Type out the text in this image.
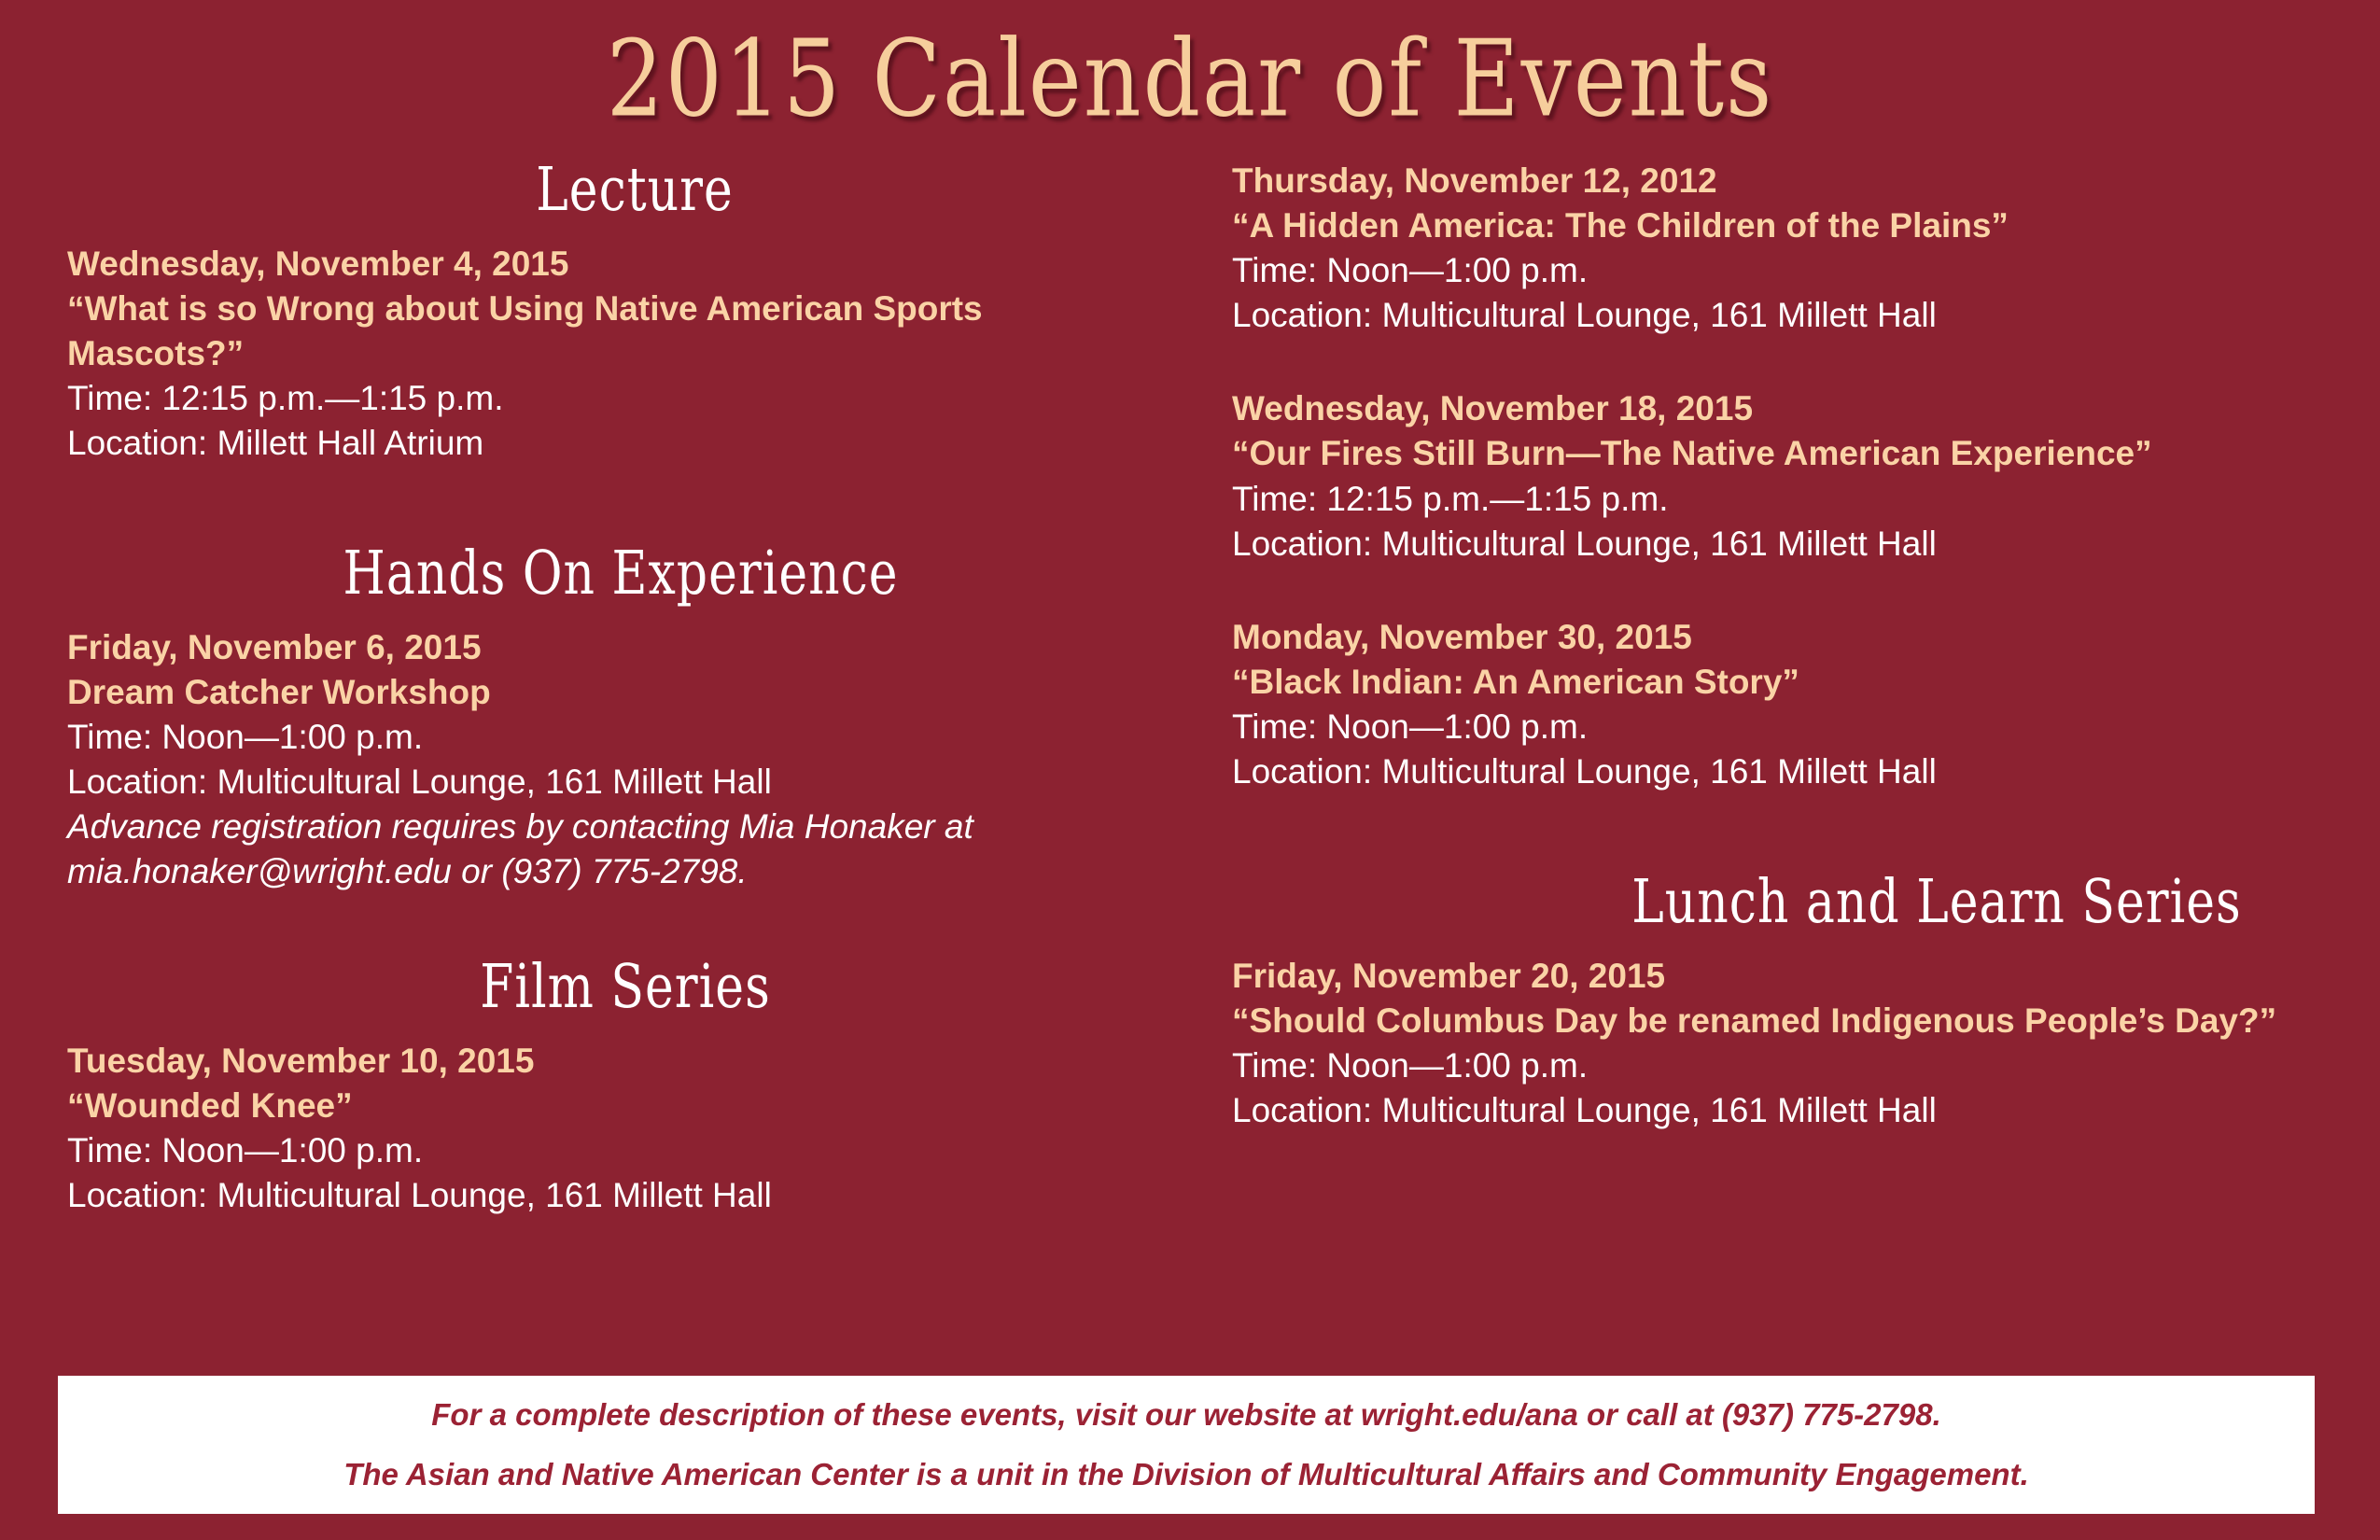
2015 Calendar of Events
Lecture
Wednesday, November 4, 2015
“What is so Wrong about Using Native American Sports Mascots?”
Time: 12:15 p.m.—1:15 p.m.
Location: Millett Hall Atrium
Hands On Experience
Friday, November 6, 2015
Dream Catcher Workshop
Time: Noon—1:00 p.m.
Location: Multicultural Lounge, 161 Millett Hall
Advance registration requires by contacting Mia Honaker at mia.honaker@wright.edu or (937) 775-2798.
Film Series
Tuesday, November 10, 2015
“Wounded Knee”
Time: Noon—1:00 p.m.
Location: Multicultural Lounge, 161 Millett Hall
Thursday, November 12, 2012
“A Hidden America: The Children of the Plains”
Time: Noon—1:00 p.m.
Location: Multicultural Lounge, 161 Millett Hall
Wednesday, November 18, 2015
“Our Fires Still Burn—The Native American Experience”
Time: 12:15 p.m.—1:15 p.m.
Location: Multicultural Lounge, 161 Millett Hall
Monday, November 30, 2015
“Black Indian: An American Story”
Time: Noon—1:00 p.m.
Location: Multicultural Lounge, 161 Millett Hall
Lunch and Learn Series
Friday, November 20, 2015
“Should Columbus Day be renamed Indigenous People’s Day?”
Time: Noon—1:00 p.m.
Location: Multicultural Lounge, 161 Millett Hall
For a complete description of these events, visit our website at wright.edu/ana or call at (937) 775-2798.
The Asian and Native American Center is a unit in the Division of Multicultural Affairs and Community Engagement.
